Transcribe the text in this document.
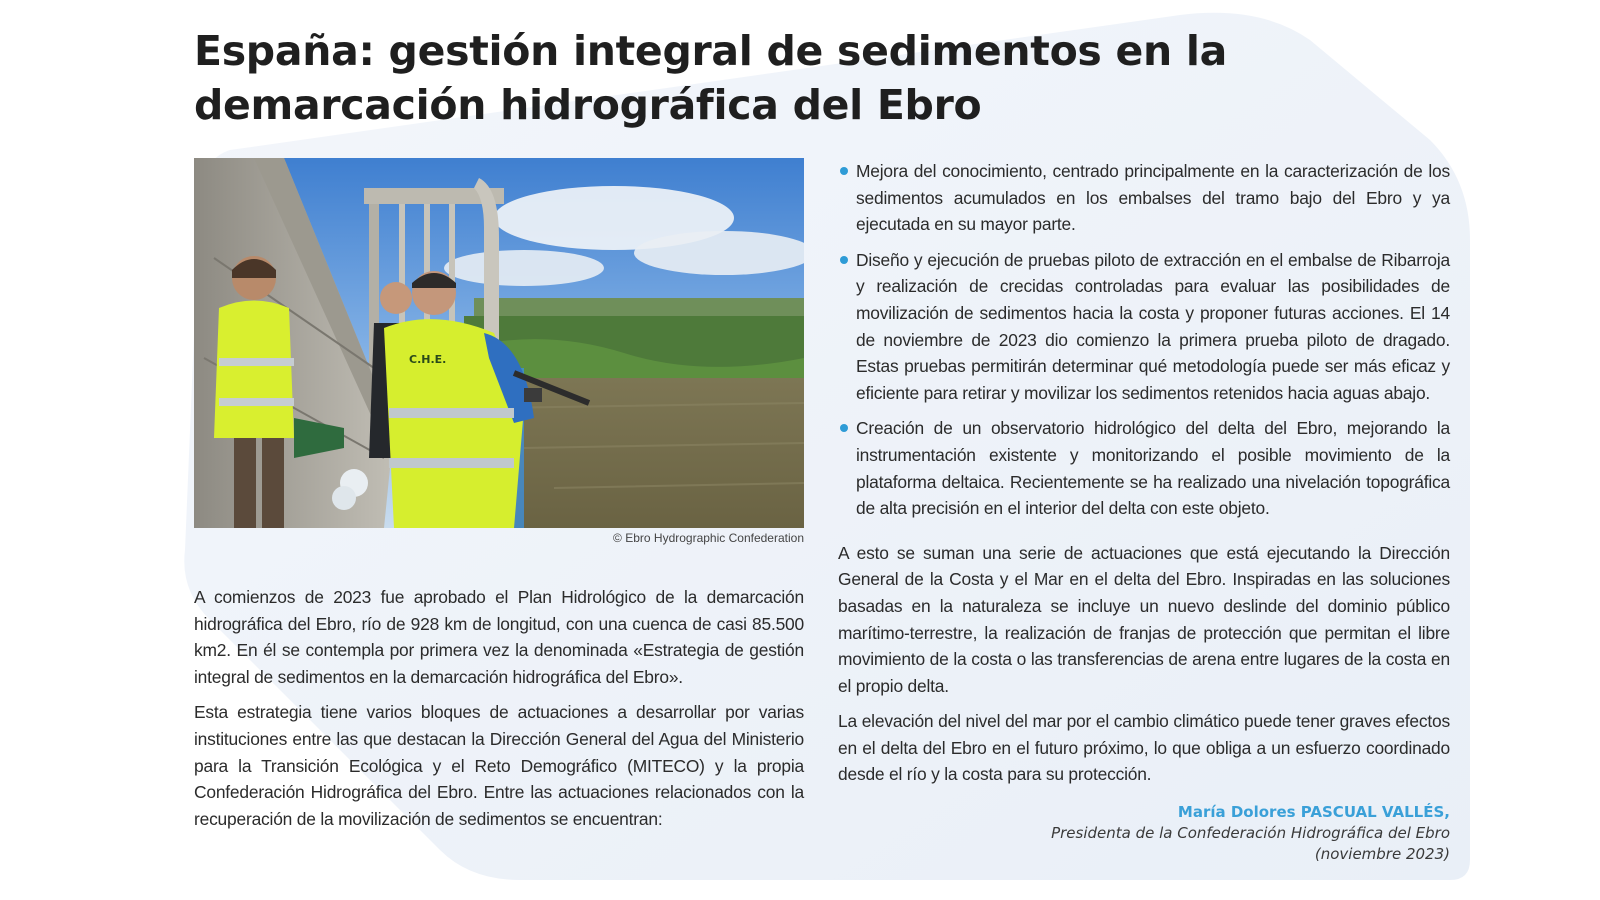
España: gestión integral de sedimentos en la demarcación hidrográfica del Ebro
C.H.E.
© Ebro Hydrographic Confederation

A comienzos de 2023 fue aprobado el Plan Hidrológico de la demarcación hidrográfica del Ebro, río de 928 km de longitud, con una cuenca de casi 85.500 km2. En él se contempla por primera vez la denominada «Estrategia de gestión integral de sedimentos en la demarcación hidrográfica del Ebro».

Esta estrategia tiene varios bloques de actuaciones a desarrollar por varias instituciones entre las que destacan la Dirección General del Agua del Ministerio para la Transición Ecológica y el Reto Demográfico (MITECO) y la propia Confederación Hidrográfica del Ebro. Entre las actuaciones relacionados con la recuperación de la movilización de sedimentos se encuentran:

Mejora del conocimiento, centrado principalmente en la caracterización de los sedimentos acumulados en los embalses del tramo bajo del Ebro y ya ejecutada en su mayor parte.
Diseño y ejecución de pruebas piloto de extracción en el embalse de Ribarroja y realización de crecidas controladas para evaluar las posibilidades de movilización de sedimentos hacia la costa y proponer futuras acciones. El 14 de noviembre de 2023 dio comienzo la primera prueba piloto de dragado. Estas pruebas permitirán determinar qué metodología puede ser más eficaz y eficiente para retirar y movilizar los sedimentos retenidos hacia aguas abajo.
Creación de un observatorio hidrológico del delta del Ebro, mejorando la instrumentación existente y monitorizando el posible movimiento de la plataforma deltaica. Recientemente se ha realizado una nivelación topográfica de alta precisión en el interior del delta con este objeto.

A esto se suman una serie de actuaciones que está ejecutando la Dirección General de la Costa y el Mar en el delta del Ebro. Inspiradas en las soluciones basadas en la naturaleza se incluye un nuevo deslinde del dominio público marítimo-terrestre, la realización de franjas de protección que permitan el libre movimiento de la costa o las transferencias de arena entre lugares de la costa en el propio delta.

La elevación del nivel del mar por el cambio climático puede tener graves efectos en el delta del Ebro en el futuro próximo, lo que obliga a un esfuerzo coordinado desde el río y la costa para su protección.

María Dolores PASCUAL VALLÉS,
Presidenta de la Confederación Hidrográfica del Ebro
(noviembre 2023)
